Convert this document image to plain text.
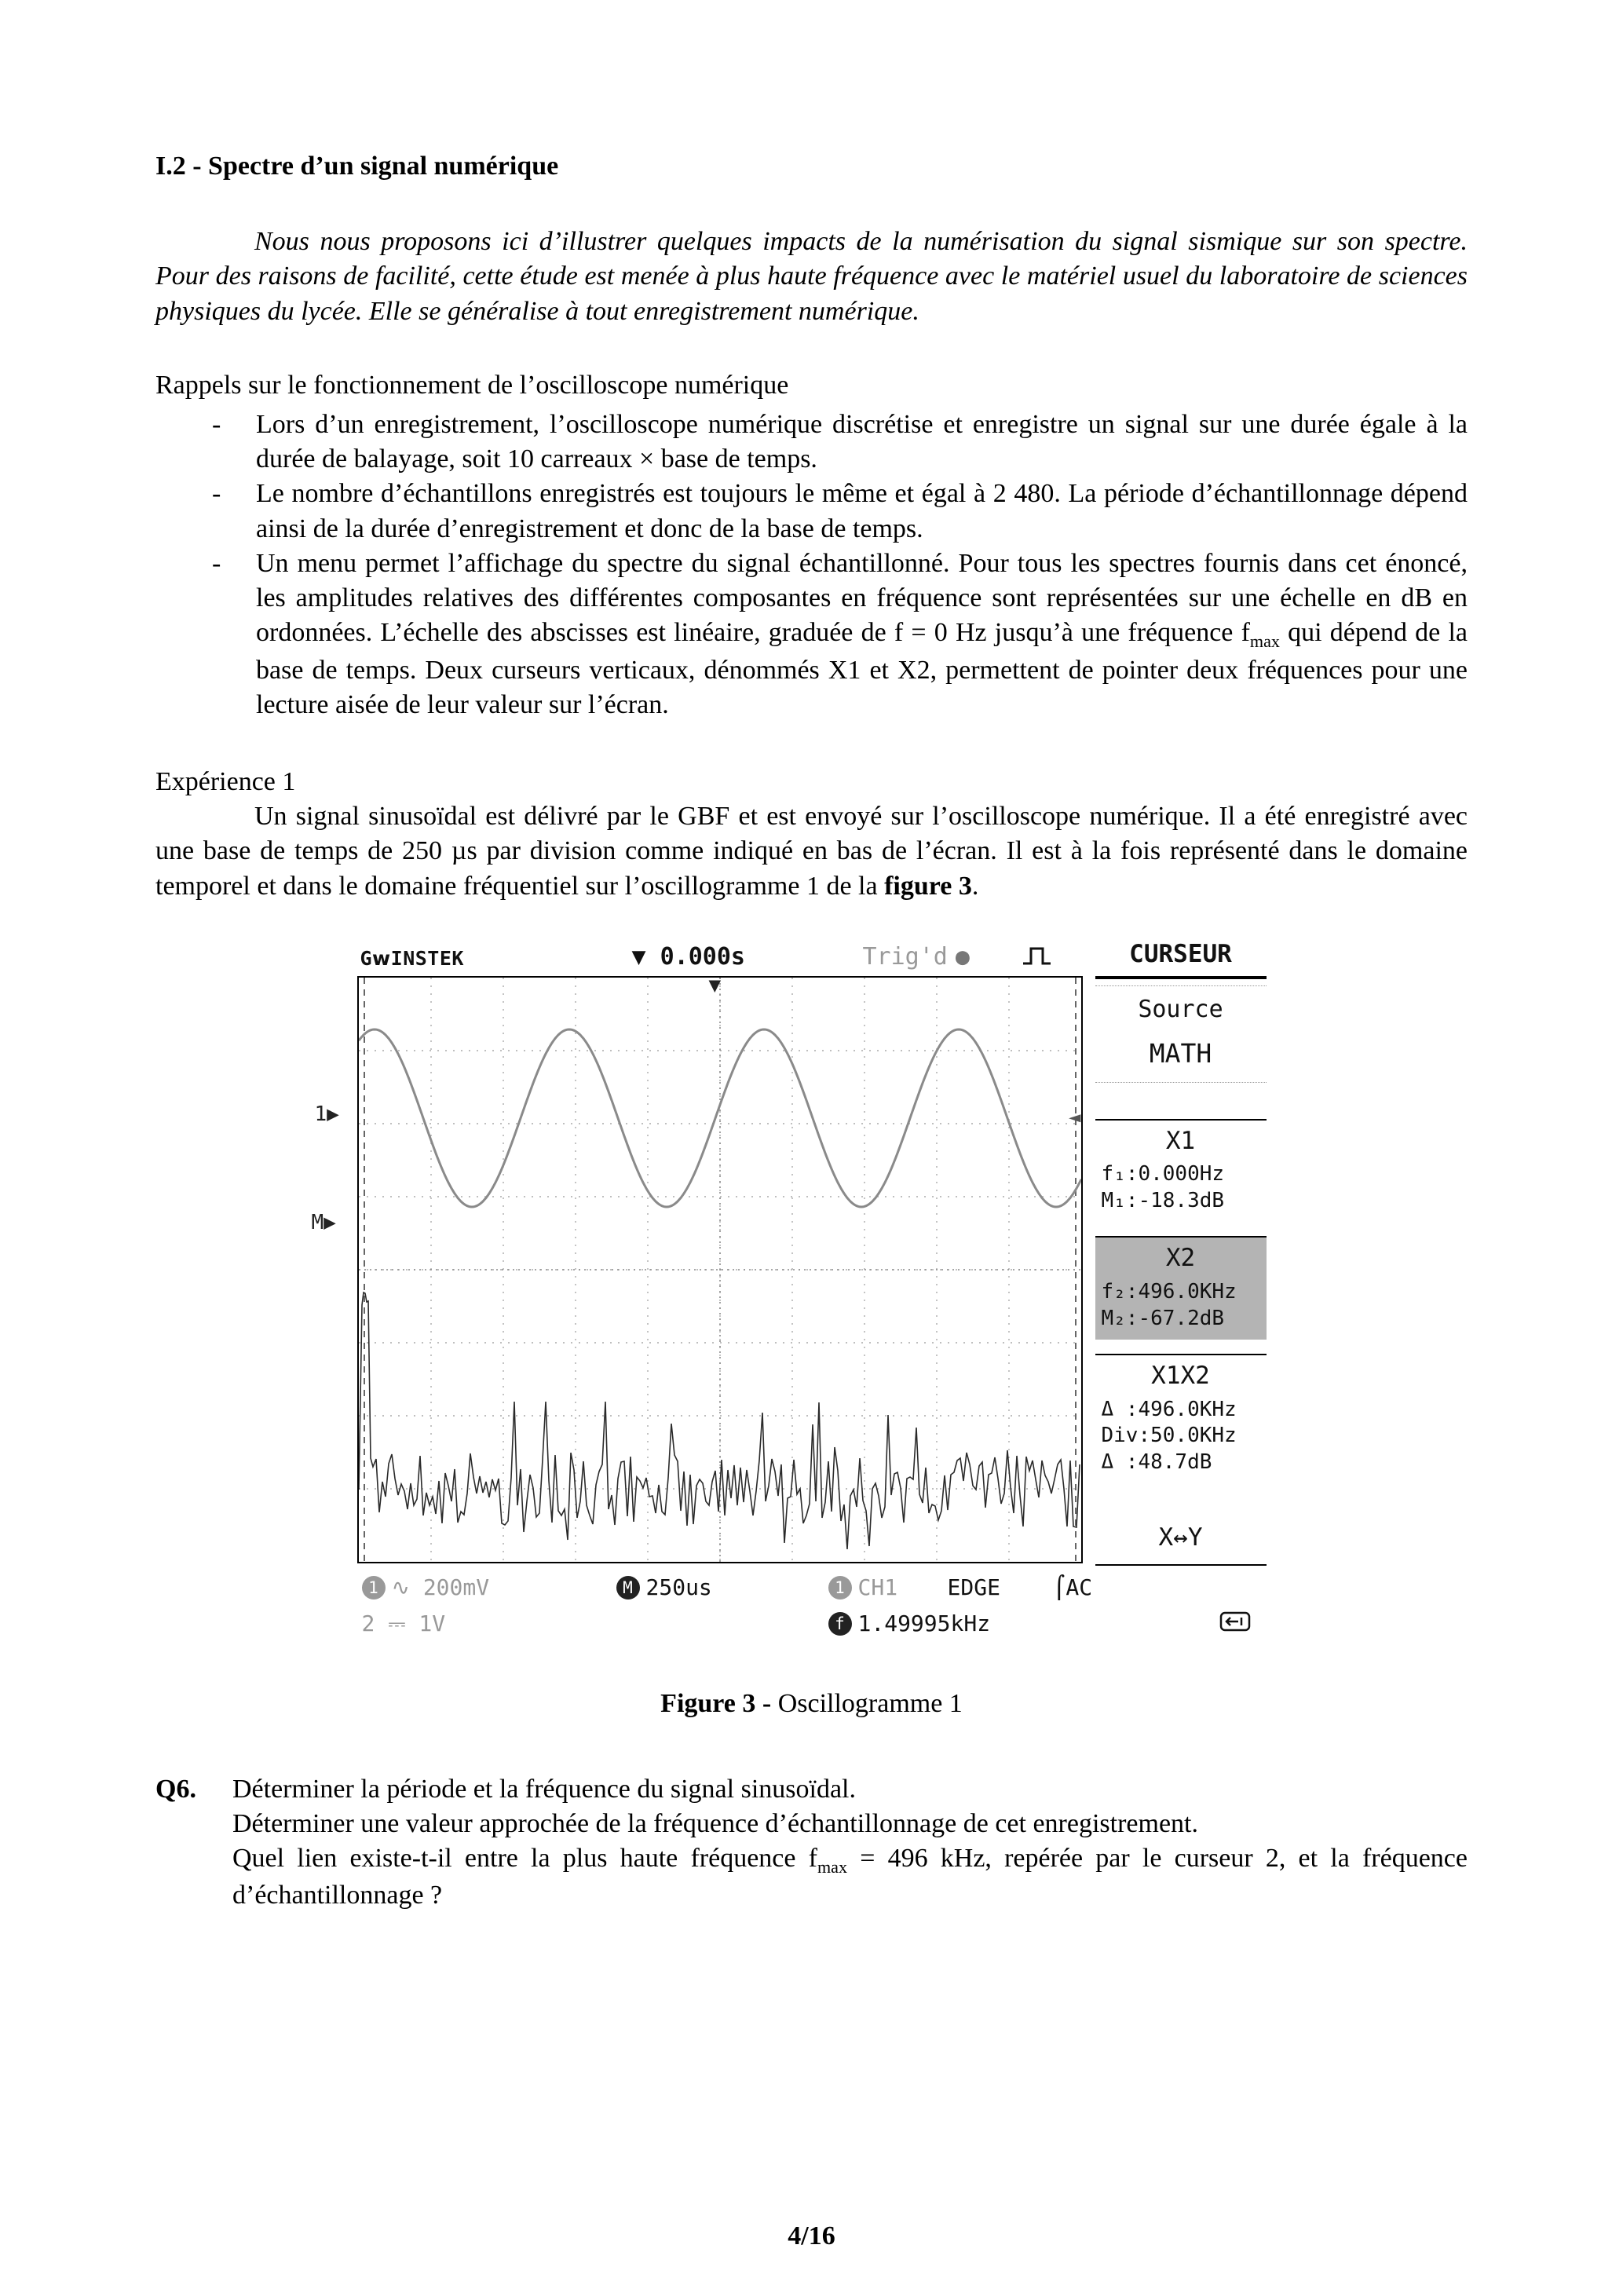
I.2 - Spectre d’un signal numérique

Nous nous proposons ici d’illustrer quelques impacts de la numérisation du signal sismique sur son spectre. Pour des raisons de facilité, cette étude est menée à plus haute fréquence avec le matériel usuel du laboratoire de sciences physiques du lycée. Elle se généralise à tout enregistrement numérique.

Rappels sur le fonctionnement de l’oscilloscope numérique

-	Lors d’un enregistrement, l’oscilloscope numérique discrétise et enregistre un signal sur une durée égale à la durée de balayage, soit 10 carreaux × base de temps.
-	Le nombre d’échantillons enregistrés est toujours le même et égal à 2 480. La période d’échantillonnage dépend ainsi de la durée d’enregistrement et donc de la base de temps.
-	Un menu permet l’affichage du spectre du signal échantillonné. Pour tous les spectres fournis dans cet énoncé, les amplitudes relatives des différentes composantes en fréquence sont représentées sur une échelle en dB en ordonnées. L’échelle des abscisses est linéaire, graduée de f = 0 Hz jusqu’à une fréquence $f_{max}$ qui dépend de la base de temps. Deux curseurs verticaux, dénommés X1 et X2, permettent de pointer deux fréquences pour une lecture aisée de leur valeur sur l’écran.

Expérience 1

Un signal sinusoïdal est délivré par le GBF et est envoyé sur l’oscilloscope numérique. Il a été enregistré avec une base de temps de 250 µs par division comme indiqué en bas de l’écran. Il est à la fois représenté dans le domaine temporel et dans le domaine fréquentiel sur l’oscillogramme 1 de la figure 3.

GᴡINSTEK	▼ 0.000s	Trig'd ●	CURSEUR
▼
1▶
M▶
◄
Source
MATH
X1
f₁:0.000Hz
M₁:-18.3dB
X2
f₂:496.0KHz
M₂:-67.2dB
X1X2
Δ :496.0KHz
Div:50.0KHz
Δ :48.7dB
X↔Y
1 ∿ 200mV	M 250us	1 CH1 EDGE ⌠AC
2 ⎓ 1V	f 1.49995kHz

Figure 3 - Oscillogramme 1

Q6.	Déterminer la période et la fréquence du signal sinusoïdal.
Déterminer une valeur approchée de la fréquence d’échantillonnage de cet enregistrement.
Quel lien existe-t-il entre la plus haute fréquence $f_{max} = 496$ kHz, repérée par le curseur 2, et la fréquence d’échantillonnage ?
4/16
